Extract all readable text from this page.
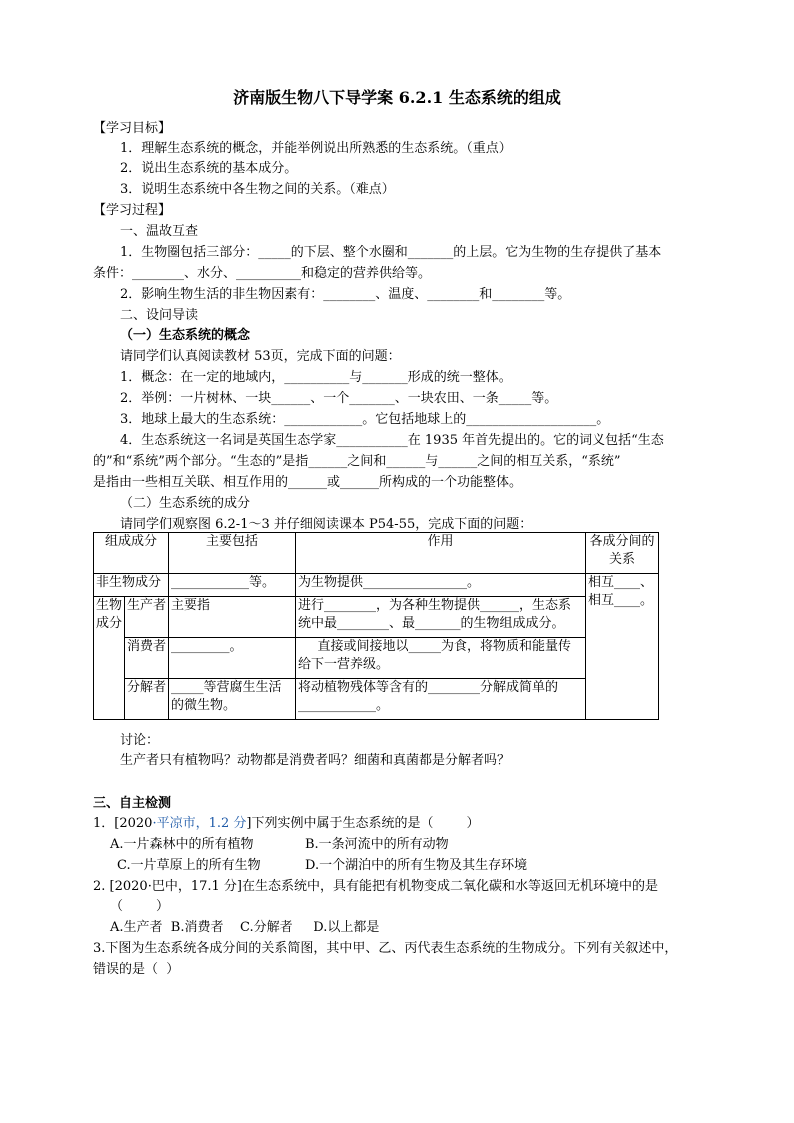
济南版生物八下导学案 6.2.1 生态系统的组成
【学习目标】
1．理解生态系统的概念，并能举例说出所熟悉的生态系统。（重点）
2．说出生态系统的基本成分。
3．说明生态系统中各生物之间的关系。（难点）
【学习过程】
一、温故互查
1．生物圈包括三部分：_____的下层、整个水圈和_______的上层。它为生物的生存提供了基本
条件：________、水分、__________和稳定的营养供给等。
2．影响生物生活的非生物因素有：________、温度、________和________等。
二、设问导读
（一）生态系统的概念
请同学们认真阅读教材 53页，完成下面的问题：
1．概念：在一定的地域内，__________与_______形成的统一整体。
2．举例：一片树林、一块______、一个_______、一块农田、一条_____等。
3．地球上最大的生态系统：____________。它包括地球上的____________________。
4．生态系统这一名词是英国生态学家___________在 1935 年首先提出的。它的词义包括“生态
的”和“系统”两个部分。“生态的”是指______之间和______与______之间的相互关系，“系统”
是指由一些相互关联、相互作用的______或______所构成的一个功能整体。
（二）生态系统的成分
请同学们观察图 6.2-1～3 并仔细阅读课本 P54-55，完成下面的问题：
组成成分		主要包括	作用	各成分间的关系
非生物成分		____________等。	为生物提供________________。	相互____、相互____。
生物成分	生产者	主要指	进行________，为各种生物提供______，生态系统中最________、最_______的生物组成成分。	
	消费者	_________。	直接或间接地以_____为食，将物质和能量传给下一营养级。	
	分解者	_____等营腐生生活的微生物。	将动植物残体等含有的________分解成简单的____________。	
讨论：
生产者只有植物吗？动物都是消费者吗？细菌和真菌都是分解者吗？
三、自主检测
1．[2020·平凉市，1.2 分]下列实例中属于生态系统的是（        ）
A.一片森林中的所有植物	B.一条河流中的所有动物
C.一片草原上的所有生物	D.一个湖泊中的所有生物及其生存环境
2. [2020·巴中，17.1 分]在生态系统中，具有能把有机物变成二氧化碳和水等返回无机环境中的是
（        ）
A.生产者  B.消费者    C.分解者     D.以上都是
3.下图为生态系统各成分间的关系简图，其中甲、乙、丙代表生态系统的生物成分。下列有关叙述中，
错误的是（  ）
